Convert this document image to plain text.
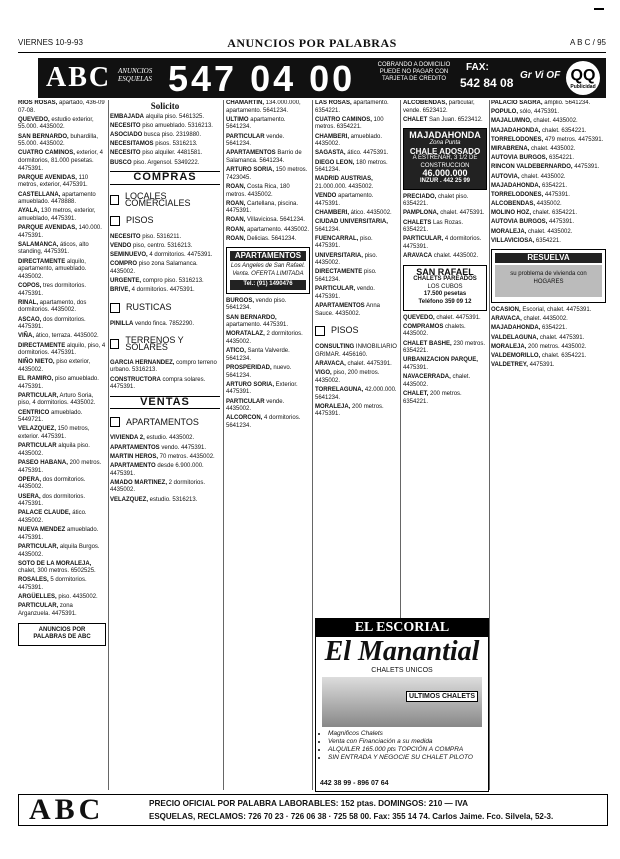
VIERNES 10-9-93	ANUNCIOS POR PALABRAS	A B C / 95
ABC ANUNCIOS ESQUELAS 547 04 00	COBRANDO A DOMICILIO PUEDE NO PAGAR CON TARJETA DE CREDITO
FAX:
542 84 08
Gr Vi OF QQ
Publicidad

RIOS ROSAS, apartado, 436-09 07-08.

QUEVEDO, estudio exterior, 55.000. 4435002.

SAN BERNARDO, buhardilla, 55.000. 4435002.

CUATRO CAMINOS, exterior, 4 dormitorios, 81.000 pesetas. 4475391.

PARQUE AVENIDAS, 110 metros, exterior, 4475391.

CASTELLANA, apartamento amueblado. 4478888.

AYALA, 130 metros, exterior, amueblado, 4475391.

PARQUE AVENIDAS, 140.000. 4475391.

SALAMANCA, áticos, alto standing, 4475391.

DIRECTAMENTE alquilo, apartamento, amueblado. 4435002.

COPOS, tres dormitorios. 4475391.

RINAL, apartamento, dos dormitorios. 4435002.

ASCAO, dos dormitorios. 4475391.

VIÑA, ático, terraza. 4435002.

DIRECTAMENTE alquilo, piso, 4 dormitorios. 4475391.

NIÑO NIETO, piso exterior, 4435002.

EL RAMIRO, piso amueblado. 4475391.

PARTICULAR, Arturo Soria, piso, 4 dormitorios. 4435002.

CENTRICO amueblado. 5449721.

VELAZQUEZ, 150 metros, exterior. 4475391.

PARTICULAR alquila piso. 4435002.

PASEO HABANA, 200 metros. 4475391.

OPERA, dos dormitorios. 4435002.

USERA, dos dormitorios. 4475391.

PALACE CLAUDE, ático. 4435002.

NUEVA MENDEZ amueblado. 4475391.

PARTICULAR, alquila Burgos. 4435002.

SOTO DE LA MORALEJA, chalet, 300 metros. 6502525.

ROSALES, 5 dormitorios. 4475391.

ARGÜELLES, piso. 4435002.

PARTICULAR, zona Arganzuela. 4475391.

ANUNCIOS POR PALABRAS DE ABC
Solicito

EMBAJADA alquila piso. 5461325.

NECESITO piso amueblado. 5316213.

ASOCIADO busca piso. 2319880.

NECESITAMOS pisos. 5316213.

NECESITO piso alquiler. 4481581.

BUSCO piso. Argensol. 5349222.

COMPRAS
LOCALES COMERCIALES
PISOS

NECESITO piso. 5316211.

VENDO piso, centro. 5316213.

SEMINUEVO, 4 dormitorios. 4475391.

COMPRO piso zona Salamanca. 4435002.

URGENTE, compro piso. 5316213.

BRIVE, 4 dormitorios. 4475391.

RUSTICAS

PINILLA vendo finca. 7852290.

TERRENOS Y SOLARES

GARCIA HERNANDEZ, compro terreno urbano. 5316213.

CONSTRUCTORA compra solares. 4475391.

VENTAS
APARTAMENTOS

VIVIENDA 2, estudio. 4435002.

APARTAMENTOS vendo. 4475391.

MARTIN HEROS, 70 metros. 4435002.

APARTAMENTO desde 6.900.000. 4475391.

AMADO MARTINEZ, 2 dormitorios. 4435002.

VELAZQUEZ, estudio. 5316213.

CHAMARTIN, 134.000.000, apartamento. 5641234.

ULTIMO apartamento. 5641234.

PARTICULAR vende. 5641234.

APARTAMENTOS Barrio de Salamanca. 5641234.

ARTURO SORIA, 150 metros. 7423045.

ROAN, Costa Rica, 180 metros. 4435002.

ROAN, Cartellana, piscina. 4475391.

ROAN, Villaviciosa. 5641234.

ROAN, apartamento. 4435002.

ROAN, Delicias. 5641234.

APARTAMENTOS
Los Angeles de San Rafael. Venta. OFERTA LIMITADA
Tel.: (91) 1490476

BURGOS, vendo piso. 5641234.

SAN BERNARDO, apartamento. 4475391.

MORATALAZ, 2 dormitorios. 4435002.

ATICO, Santa Valverde. 5641234.

PROSPERIDAD, nuevo. 5641234.

ARTURO SORIA, Exterior. 4475391.

PARTICULAR vende. 4435002.

ALCORCON, 4 dormitorios. 5641234.

LAS ROSAS, apartamento. 6354221.

CUATRO CAMINOS, 100 metros. 6354221.

CHAMBERI, amueblado. 4435002.

SAGASTA, ático. 4475391.

DIEGO LEON, 180 metros. 5641234.

MADRID AUSTRIAS, 21.000.000. 4435002.

VENDO apartamento. 4475391.

CHAMBERI, ático. 4435002.

CIUDAD UNIVERSITARIA, 5641234.

FUENCARRAL, piso. 4475391.

UNIVERSITARIA, piso. 4435002.

DIRECTAMENTE piso. 5641234.

PARTICULAR, vendo. 4475391.

APARTAMENTOS Anna Sauce. 4435002.

PISOS

CONSULTING INMOBILIARIO GRIMAR. 4456160.

ARAVACA, chalet. 4475391.

VIGO, piso, 200 metros. 4435002.

TORRELAGUNA, 42.000.000. 5641234.

MORALEJA, 200 metros. 4475391.

ALCOBENDAS, particular, vende. 6523412.

CHALET San Juan. 6523412.

MAJADAHONDA
Zona Punta
CHALE ADOSADO
A ESTRENAR, 3 1/2 DE CONSTRUCCION
46.000.000
INZUR . 442 25 99

PRECIADO, chalet piso. 6354221.

PAMPLONA, chalet. 4475391.

CHALETS Las Rozas. 6354221.

PARTICULAR, 4 dormitorios. 4475391.

ARAVACA chalet. 4435002.

SAN RAFAEL
CHALETS PAREADOS
LOS CUBOS
17.500 pesetas
Teléfono 359 09 12

QUEVEDO, chalet. 4475391.

COMPRAMOS chalets. 4435002.

CHALET BASHE, 230 metros. 6354221.

URBANIZACION PARQUE, 4475391.

NAVACERRADA, chalet. 4435002.

CHALET, 200 metros. 6354221.

PALACIO SAGRA, amplio. 5641234.

POPULO, sólo, 4475391.

MAJALUMNO, chalet. 4435002.

MAJADAHONDA, chalet. 6354221.

TORRELODONES, 479 metros. 4475391.

MIRABRENA, chalet. 4435002.

AUTOVIA BURGOS, 6354221.

RINCON VALDEBERNARDO, 4475391.

AUTOVIA, chalet. 4435002.

MAJADAHONDA, 6354221.

TORRELODONES, 4475391.

ALCOBENDAS, 4435002.

MOLINO HOZ, chalet. 6354221.

AUTOVIA BURGOS, 4475391.

MORALEJA, chalet. 4435002.

VILLAVICIOSA, 6354221.

RESUELVA
su problema de vivienda con HOGARES

OCASION, Escorial, chalet. 4475391.

ARAVACA, chalet. 4435002.

MAJADAHONDA, 6354221.

VALDELAGUNA, chalet. 4475391.

MORALEJA, 200 metros. 4435002.

VALDEMORILLO, chalet. 6354221.

VALDETREY, 4475391.

EL ESCORIAL
El Manantial
CHALETS UNICOS
ULTIMOS CHALETS
• Magnificos Chalets
• Venta con Financiación a su medida
• ALQUILER 165.000 pts TOPCIÓN A COMPRA
• SIN ENTRADA Y NEGOCIE SU CHALET PILOTO
442 38 99 - 896 07 64
ABC	PRECIO OFICIAL POR PALABRA LABORABLES: 152 ptas. DOMINGOS: 210 — IVA
ESQUELAS, RECLAMOS: 726 70 23 · 726 06 38 · 725 58 00. Fax: 355 14 74. Carlos Jaime. Fco. Silvela, 52-3.
